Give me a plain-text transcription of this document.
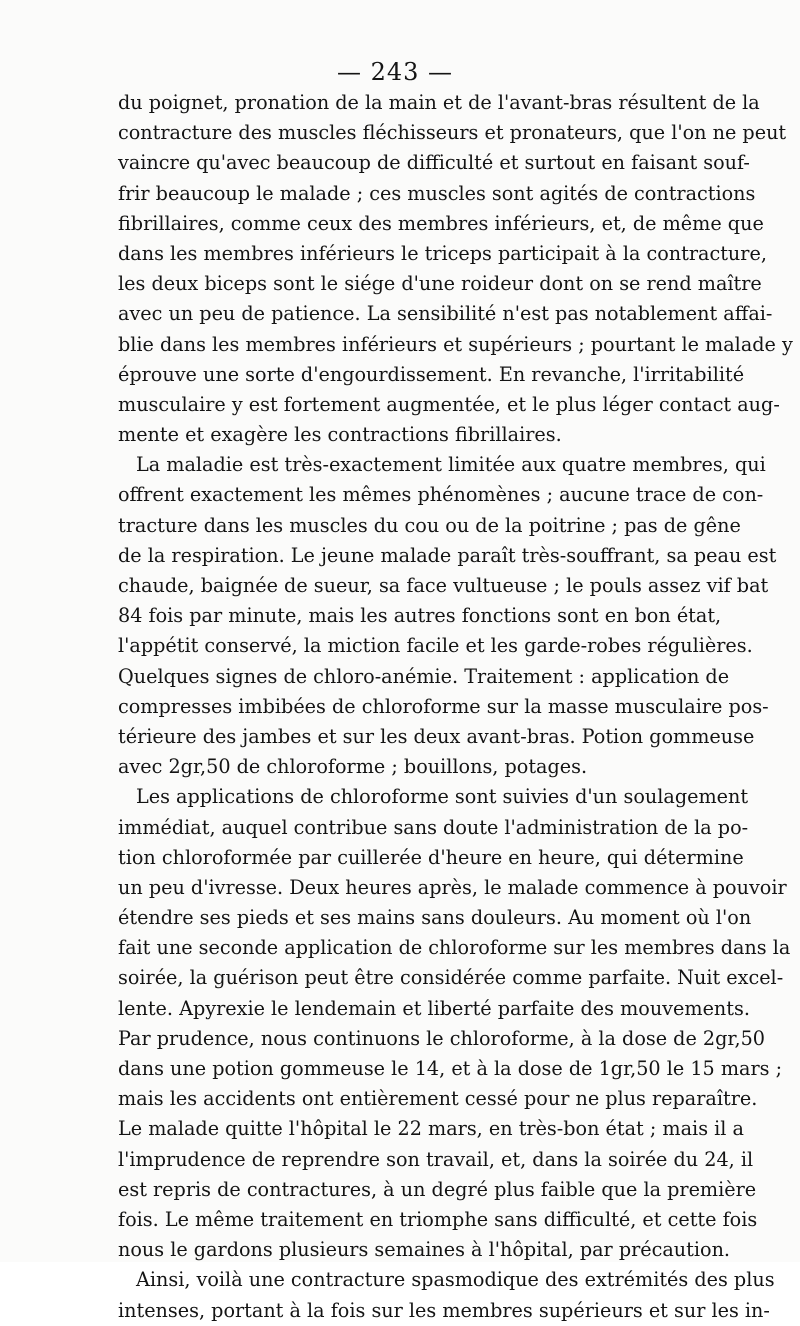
— 243 —
du poignet, pronation de la main et de l'avant-bras résultent de la
contracture des muscles fléchisseurs et pronateurs, que l'on ne peut
vaincre qu'avec beaucoup de difficulté et surtout en faisant souf-
frir beaucoup le malade ; ces muscles sont agités de contractions
fibrillaires, comme ceux des membres inférieurs, et, de même que
dans les membres inférieurs le triceps participait à la contracture,
les deux biceps sont le siége d'une roideur dont on se rend maître
avec un peu de patience. La sensibilité n'est pas notablement affai-
blie dans les membres inférieurs et supérieurs ; pourtant le malade y
éprouve une sorte d'engourdissement. En revanche, l'irritabilité
musculaire y est fortement augmentée, et le plus léger contact aug-
mente et exagère les contractions fibrillaires.
La maladie est très-exactement limitée aux quatre membres, qui
offrent exactement les mêmes phénomènes ; aucune trace de con-
tracture dans les muscles du cou ou de la poitrine ; pas de gêne
de la respiration. Le jeune malade paraît très-souffrant, sa peau est
chaude, baignée de sueur, sa face vultueuse ; le pouls assez vif bat
84 fois par minute, mais les autres fonctions sont en bon état,
l'appétit conservé, la miction facile et les garde-robes régulières.
Quelques signes de chloro-anémie. Traitement : application de
compresses imbibées de chloroforme sur la masse musculaire pos-
térieure des jambes et sur les deux avant-bras. Potion gommeuse
avec 2gr,50 de chloroforme ; bouillons, potages.
Les applications de chloroforme sont suivies d'un soulagement
immédiat, auquel contribue sans doute l'administration de la po-
tion chloroformée par cuillerée d'heure en heure, qui détermine
un peu d'ivresse. Deux heures après, le malade commence à pouvoir
étendre ses pieds et ses mains sans douleurs. Au moment où l'on
fait une seconde application de chloroforme sur les membres dans la
soirée, la guérison peut être considérée comme parfaite. Nuit excel-
lente. Apyrexie le lendemain et liberté parfaite des mouvements.
Par prudence, nous continuons le chloroforme, à la dose de 2gr,50
dans une potion gommeuse le 14, et à la dose de 1gr,50 le 15 mars ;
mais les accidents ont entièrement cessé pour ne plus reparaître.
Le malade quitte l'hôpital le 22 mars, en très-bon état ; mais il a
l'imprudence de reprendre son travail, et, dans la soirée du 24, il
est repris de contractures, à un degré plus faible que la première
fois. Le même traitement en triomphe sans difficulté, et cette fois
nous le gardons plusieurs semaines à l'hôpital, par précaution.
Ainsi, voilà une contracture spasmodique des extrémités des plus
intenses, portant à la fois sur les membres supérieurs et sur les in-
